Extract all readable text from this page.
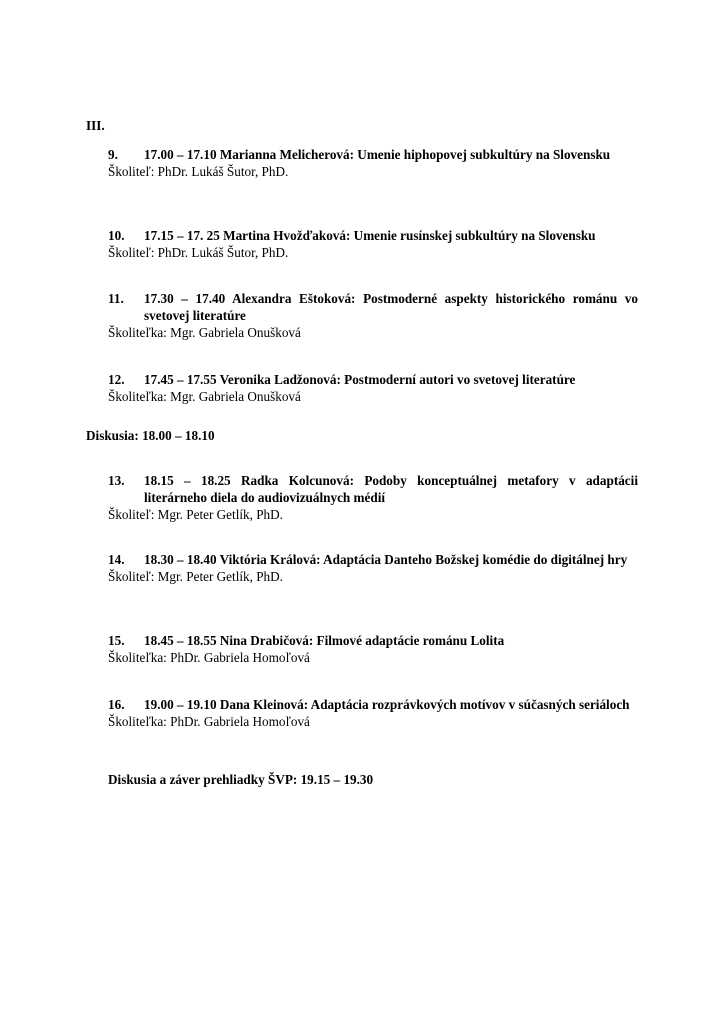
III.
9. 17.00 – 17.10 Marianna Melicherová: Umenie hiphopovej subkultúry na Slovensku
Školiteľ: PhDr. Lukáš Šutor, PhD.
10. 17.15 – 17. 25 Martina Hvožďaková: Umenie rusínskej subkultúry na Slovensku
Školiteľ: PhDr. Lukáš Šutor, PhD.
11. 17.30 – 17.40 Alexandra Eštoková: Postmoderné aspekty historického románu vo svetovej literatúre
Školiteľka: Mgr. Gabriela Onušková
12. 17.45 – 17.55 Veronika Ladžonová: Postmoderní autori vo svetovej literatúre
Školiteľka: Mgr. Gabriela Onušková
Diskusia: 18.00 – 18.10
13. 18.15 – 18.25 Radka Kolcunová: Podoby konceptuálnej metafory v adaptácii literárneho diela do audiovizuálnych médií
Školiteľ: Mgr. Peter Getlík, PhD.
14. 18.30 – 18.40 Viktória Králová: Adaptácia Danteho Božskej komédie do digitálnej hry
Školiteľ: Mgr. Peter Getlík, PhD.
15. 18.45 – 18.55 Nina Drabičová: Filmové adaptácie románu Lolita
Školiteľka: PhDr. Gabriela Homoľová
16. 19.00 – 19.10 Dana Kleinová: Adaptácia rozprávkových motívov v súčasných seriáloch
Školiteľka: PhDr. Gabriela Homoľová
Diskusia a záver prehliadky ŠVP: 19.15 – 19.30
